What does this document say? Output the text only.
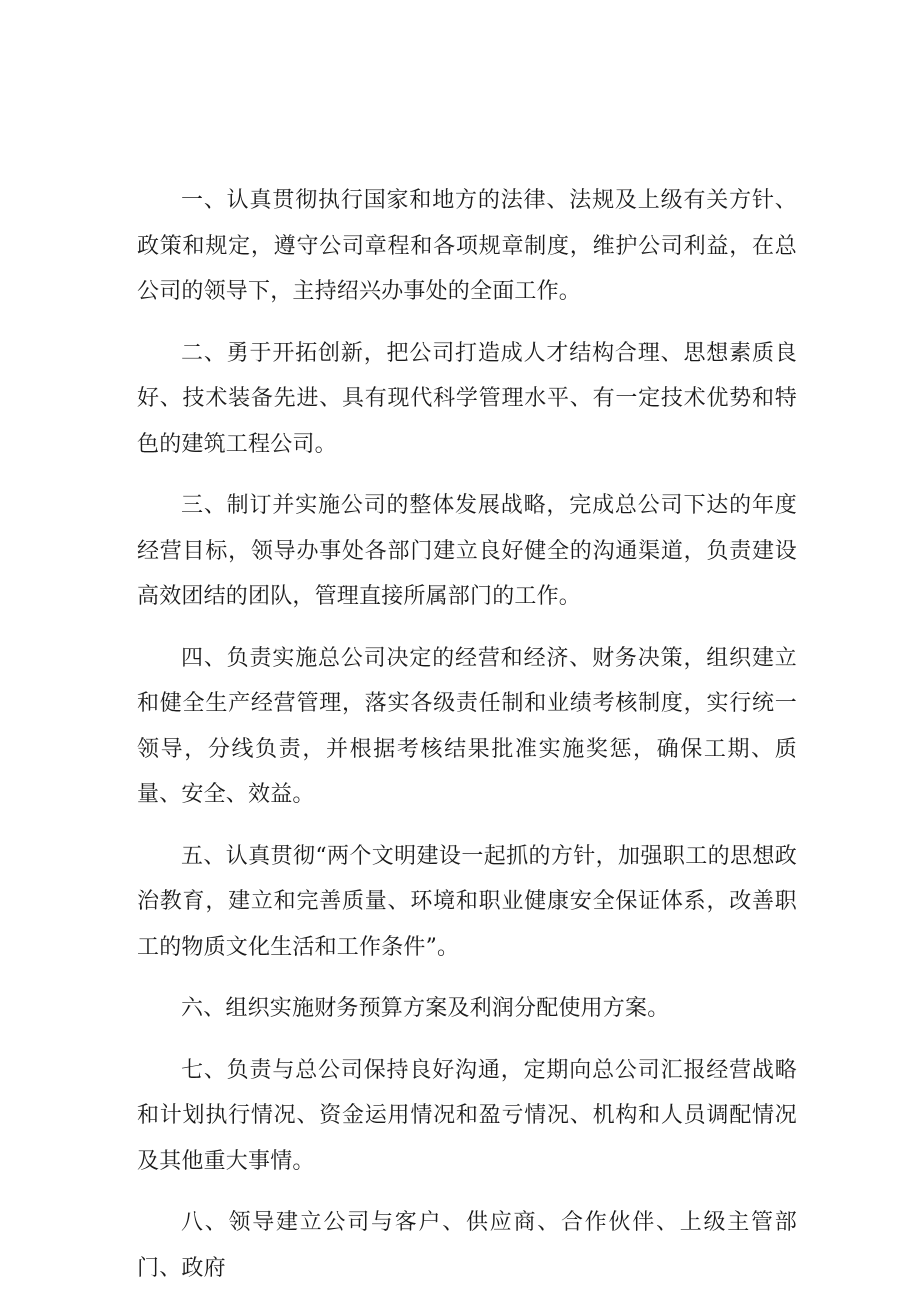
一、认真贯彻执行国家和地方的法律、法规及上级有关方针、政策和规定，遵守公司章程和各项规章制度，维护公司利益，在总公司的领导下，主持绍兴办事处的全面工作。

二、勇于开拓创新，把公司打造成人才结构合理、思想素质良好、技术装备先进、具有现代科学管理水平、有一定技术优势和特色的建筑工程公司。

三、制订并实施公司的整体发展战略，完成总公司下达的年度经营目标，领导办事处各部门建立良好健全的沟通渠道，负责建设高效团结的团队，管理直接所属部门的工作。

四、负责实施总公司决定的经营和经济、财务决策，组织建立和健全生产经营管理，落实各级责任制和业绩考核制度，实行统一领导，分线负责，并根据考核结果批准实施奖惩，确保工期、质量、安全、效益。

五、认真贯彻“两个文明建设一起抓的方针，加强职工的思想政治教育，建立和完善质量、环境和职业健康安全保证体系，改善职工的物质文化生活和工作条件”。

六、组织实施财务预算方案及利润分配使用方案。

七、负责与总公司保持良好沟通，定期向总公司汇报经营战略和计划执行情况、资金运用情况和盈亏情况、机构和人员调配情况及其他重大事情。

八、领导建立公司与客户、供应商、合作伙伴、上级主管部门、政府
